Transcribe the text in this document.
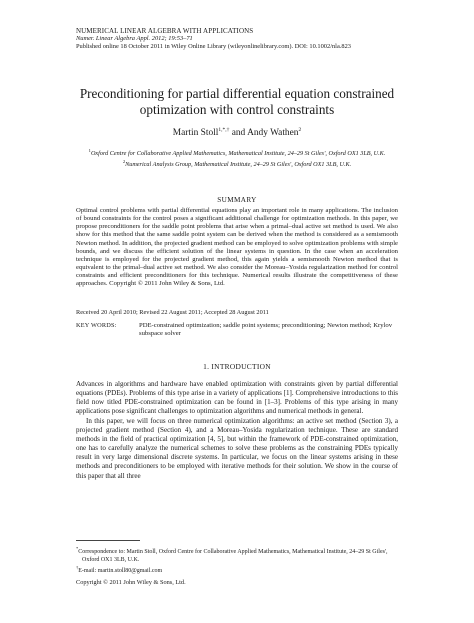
NUMERICAL LINEAR ALGEBRA WITH APPLICATIONS
Numer. Linear Algebra Appl. 2012; 19:53–71
Published online 18 October 2011 in Wiley Online Library (wileyonlinelibrary.com). DOI: 10.1002/nla.823
Preconditioning for partial differential equation constrained optimization with control constraints
Martin Stoll$^{1,*,\dagger}$ and Andy Wathen$^2$
$^1$Oxford Centre for Collaborative Applied Mathematics, Mathematical Institute, 24–29 St Giles', Oxford OX1 3LB, U.K.
$^2$Numerical Analysis Group, Mathematical Institute, 24–29 St Giles', Oxford OX1 3LB, U.K.
SUMMARY
Optimal control problems with partial differential equations play an important role in many applications. The inclusion of bound constraints for the control poses a significant additional challenge for optimization methods. In this paper, we propose preconditioners for the saddle point problems that arise when a primal–dual active set method is used. We also show for this method that the same saddle point system can be derived when the method is considered as a semismooth Newton method. In addition, the projected gradient method can be employed to solve optimization problems with simple bounds, and we discuss the efficient solution of the linear systems in question. In the case when an acceleration technique is employed for the projected gradient method, this again yields a semismooth Newton method that is equivalent to the primal–dual active set method. We also consider the Moreau–Yosida regularization method for control constraints and efficient preconditioners for this technique. Numerical results illustrate the competitiveness of these approaches. Copyright © 2011 John Wiley & Sons, Ltd.
Received 20 April 2010; Revised 22 August 2011; Accepted 28 August 2011
KEY WORDS:	PDE-constrained optimization; saddle point systems; preconditioning; Newton method; Krylov subspace solver
1. INTRODUCTION

Advances in algorithms and hardware have enabled optimization with constraints given by partial differential equations (PDEs). Problems of this type arise in a variety of applications [1]. Comprehensive introductions to this field now titled PDE-constrained optimization can be found in [1–3]. Problems of this type arising in many applications pose significant challenges to optimization algorithms and numerical methods in general.

In this paper, we will focus on three numerical optimization algorithms: an active set method (Section 3), a projected gradient method (Section 4), and a Moreau–Yosida regularization technique. These are standard methods in the field of practical optimization [4, 5], but within the framework of PDE-constrained optimization, one has to carefully analyze the numerical schemes to solve these problems as the constraining PDEs typically result in very large dimensional discrete systems. In particular, we focus on the linear systems arising in these methods and preconditioners to be employed with iterative methods for their solution. We show in the course of this paper that all three

*Correspondence to: Martin Stoll, Oxford Centre for Collaborative Applied Mathematics, Mathematical Institute, 24–29 St Giles', Oxford OX1 3LB, U.K.
†E-mail: martin.stoll80@gmail.com
Copyright © 2011 John Wiley & Sons, Ltd.
